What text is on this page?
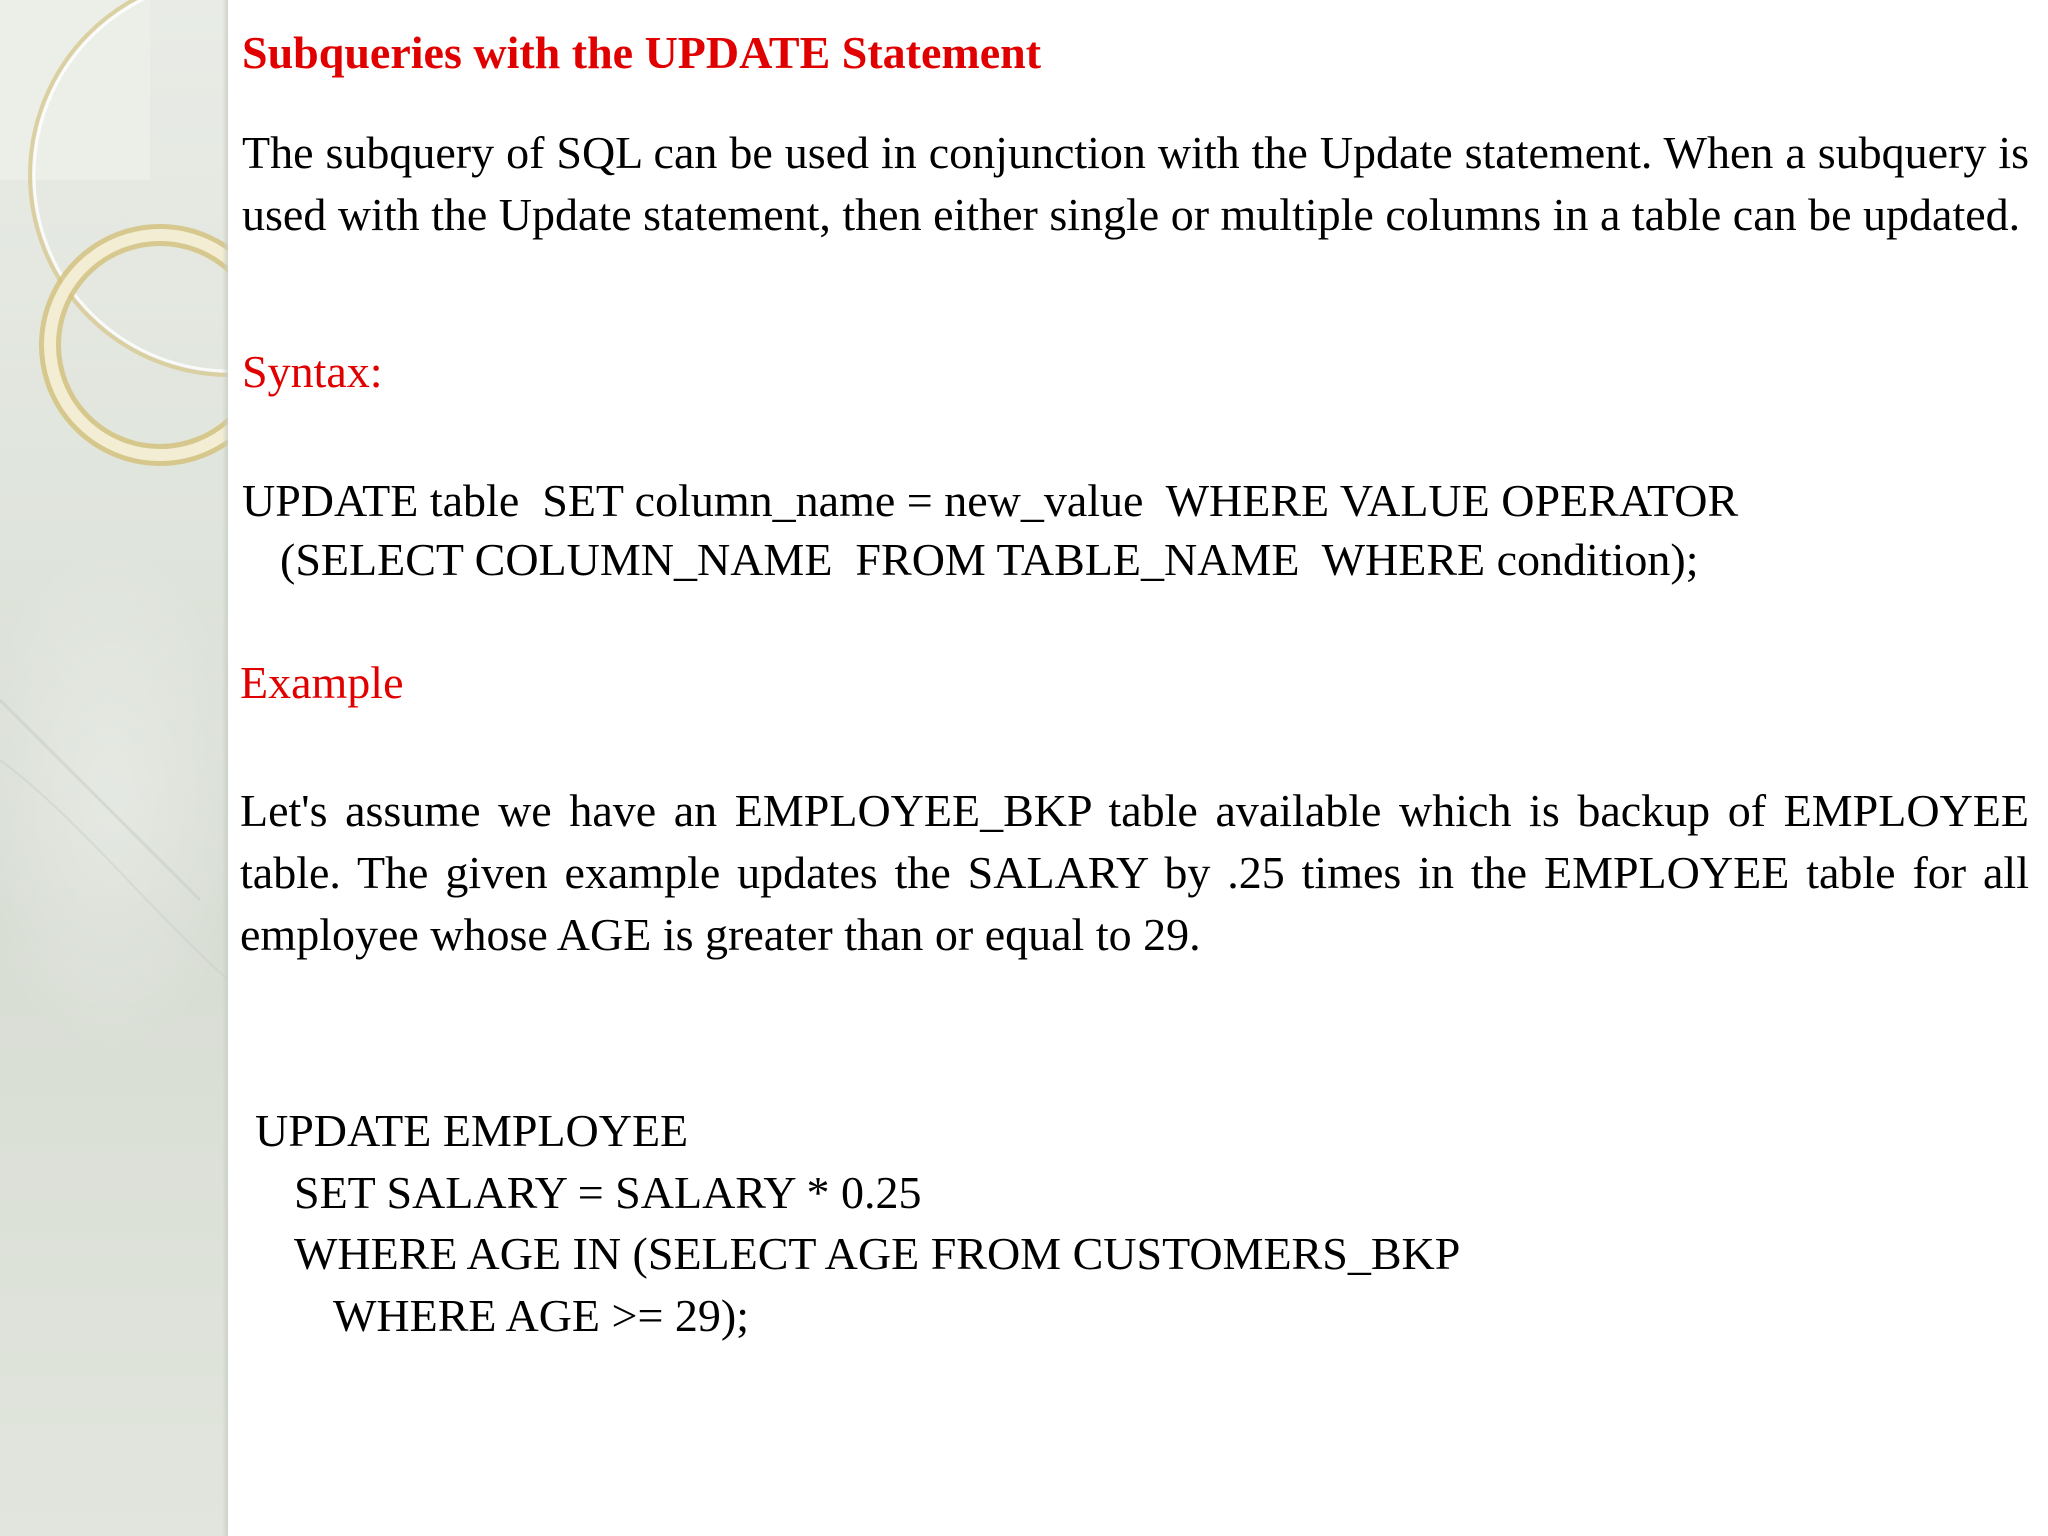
Subqueries with the UPDATE Statement
The subquery of SQL can be used in conjunction with the Update statement. When a subquery is used with the Update statement, then either single or multiple columns in a table can be updated.
Syntax:
UPDATE table  SET column_name = new_value  WHERE VALUE OPERATOR
(SELECT COLUMN_NAME  FROM TABLE_NAME  WHERE condition);
Example
Let's assume we have an EMPLOYEE_BKP table available which is backup of EMPLOYEE table. The given example updates the SALARY by .25 times in the EMPLOYEE table for all employee whose AGE is greater than or equal to 29.
UPDATE EMPLOYEE
SET SALARY = SALARY * 0.25
WHERE AGE IN (SELECT AGE FROM CUSTOMERS_BKP
WHERE AGE >= 29);
